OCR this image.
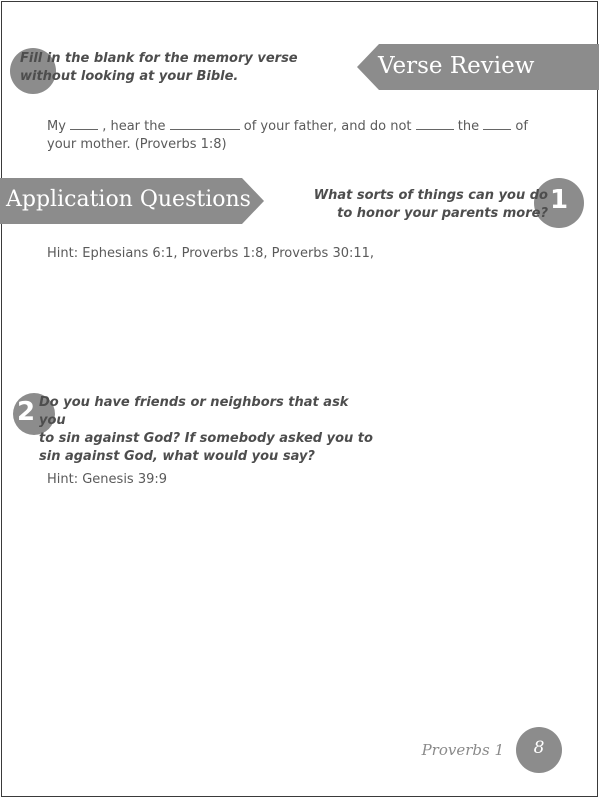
Fill in the blank for the memory verse
without looking at your Bible.	Verse Review
My	, hear the	of your father, and do not	the	of
your mother. (Proverbs 1:8)
Application Questions	1
What sorts of things can you do
to honor your parents more?
Hint: Ephesians 6:1, Proverbs 1:8, Proverbs 30:11,
2 Do you have friends or neighbors that ask you
to sin against God? If somebody asked you to
sin against God, what would you say?
Hint: Genesis 39:9
Proverbs 1	8
